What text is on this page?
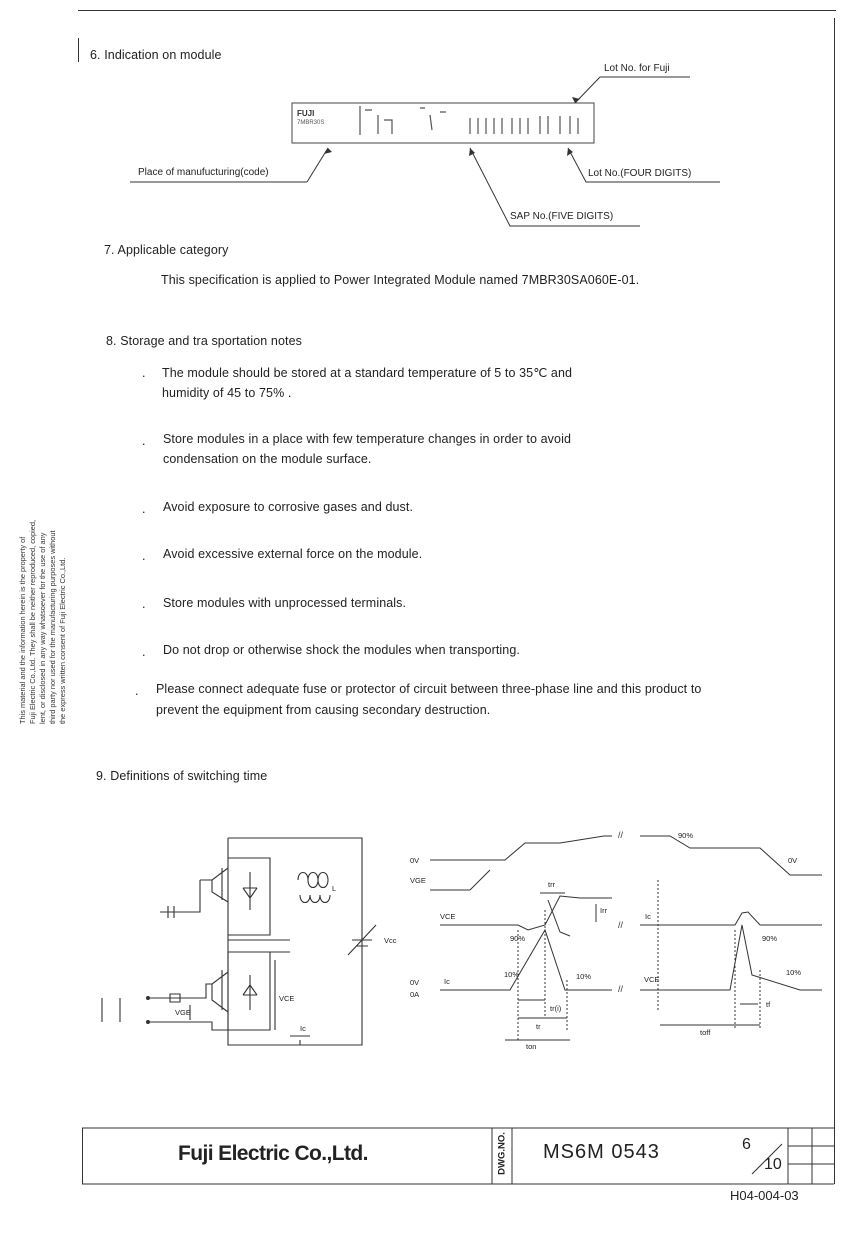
This material and the information herein is the property of Fuji Electric Co.,Ltd. They shall be neither reproduced, copied, lent, or disclosed in any way whatsoever for the use of any third party nor used for the manufacturing purposes without the express written consent of Fuji Electric Co.,Ltd.
6. Indication on module
FUJI
7MBR30S
Lot No. for Fuji
Place of manufucturing(code)	Lot No.(FOUR DIGITS)
SAP No.(FIVE DIGITS)
7. Applicable category
This specification is applied to Power Integrated Module named 7MBR30SA060E-01.
8. Storage and tra sportation notes
. The module should be stored at a standard temperature of 5 to 35℃ and
humidity of 45 to 75% .
. Store modules in a place with few temperature changes in order to avoid
condensation on the module surface.
. Avoid exposure to corrosive gases and dust.
. Avoid excessive external force on the module.
. Store modules with unprocessed terminals.
. Do not drop or otherwise shock the modules when transporting.
. Please connect adequate fuse or protector of circuit between three-phase line and this product to
prevent the equipment from causing secondary destruction.
9. Definitions of switching time
L
Vcc
VGE
VCE
Ic
//
//
//
0V
VGE
90%
0V
trr
Irr
VCE	Ic
90%	90%
0V
0A
Ic
10%	10%	VCE
10%
tr(i)
tr
ton
tf
toff
Fuji Electric Co.,Ltd.	DWG.NO. MS6M 0543	6
10
H04-004-03
